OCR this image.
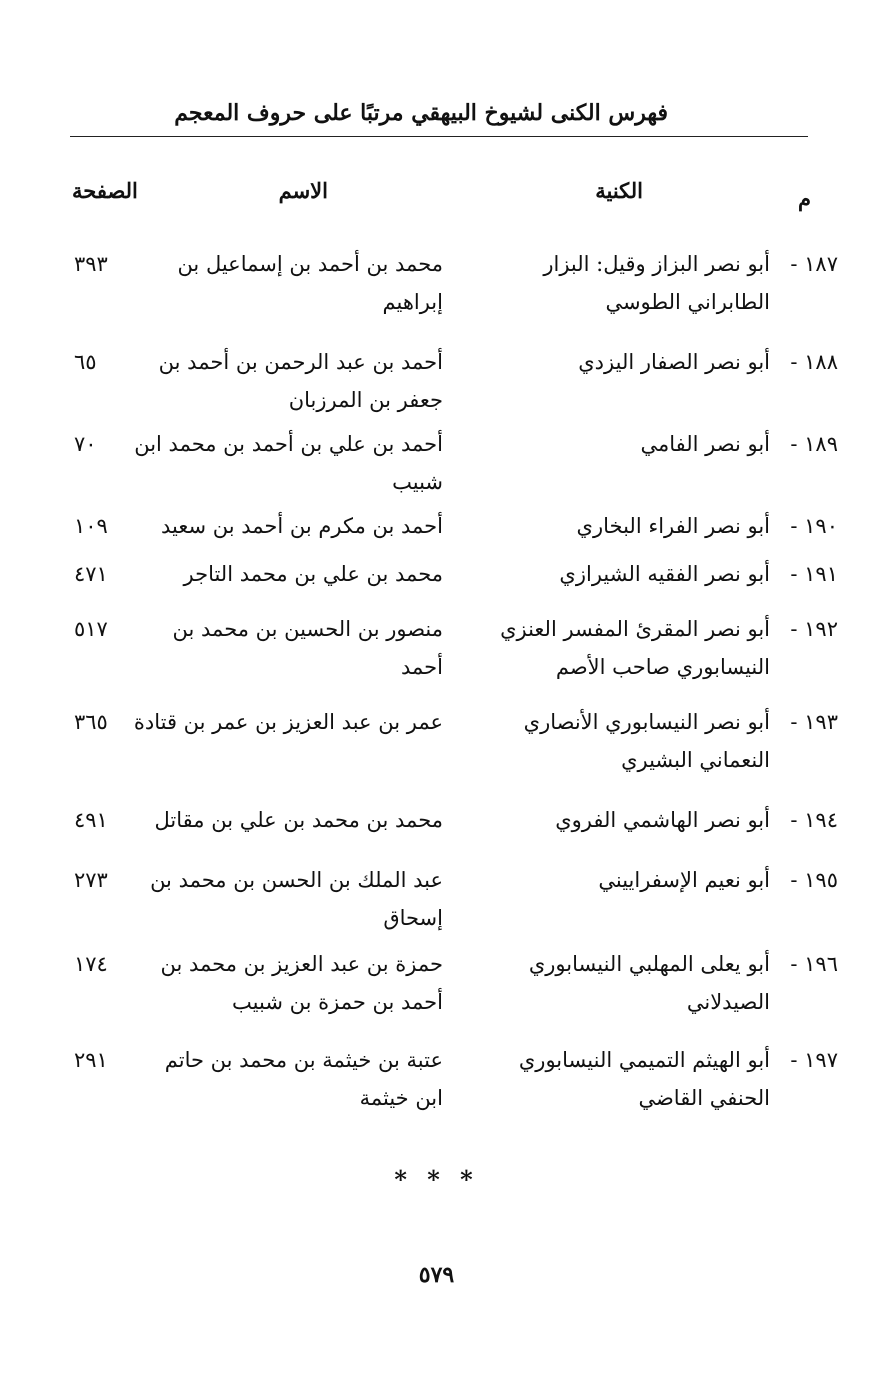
فهرس الكنى لشيوخ البيهقي مرتبًا على حروف المعجم
م
الكنية
الاسم
الصفحة
١٨٧ -
أبو نصر البزاز وقيل: البزار الطابراني الطوسي
محمد بن أحمد بن إسماعيل بن إبراهيم
٣٩٣
١٨٨ -
أبو نصر الصفار اليزدي
أحمد بن عبد الرحمن بن أحمد بن جعفر بن المرزبان
٦٥
١٨٩ -
أبو نصر الفامي
أحمد بن علي بن أحمد بن محمد ابن شبيب
٧٠
١٩٠ -
أبو نصر الفراء البخاري
أحمد بن مكرم بن أحمد بن سعيد
١٠٩
١٩١ -
أبو نصر الفقيه الشيرازي
محمد بن علي بن محمد التاجر
٤٧١
١٩٢ -
أبو نصر المقرئ المفسر العنزي النيسابوري صاحب الأصم
منصور بن الحسين بن محمد بن أحمد
٥١٧
١٩٣ -
أبو نصر النيسابوري الأنصاري النعماني البشيري
عمر بن عبد العزيز بن عمر بن قتادة
٣٦٥
١٩٤ -
أبو نصر الهاشمي الفروي
محمد بن محمد بن علي بن مقاتل
٤٩١
١٩٥ -
أبو نعيم الإسفراييني
عبد الملك بن الحسن بن محمد بن إسحاق
٢٧٣
١٩٦ -
أبو يعلى المهلبي النيسابوري الصيدلاني
حمزة بن عبد العزيز بن محمد بن أحمد بن حمزة بن شبيب
١٧٤
١٩٧ -
أبو الهيثم التميمي النيسابوري الحنفي القاضي
عتبة بن خيثمة بن محمد بن حاتم ابن خيثمة
٢٩١
* * *
٥٧٩
